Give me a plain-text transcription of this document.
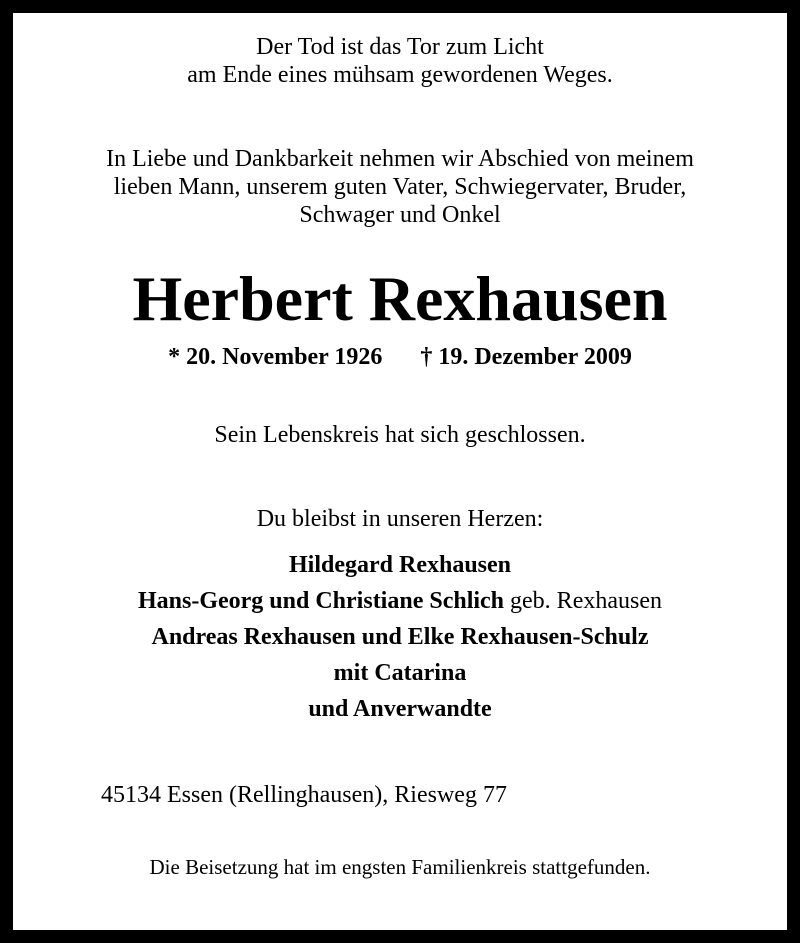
Der Tod ist das Tor zum Licht
am Ende eines mühsam gewordenen Weges.
In Liebe und Dankbarkeit nehmen wir Abschied von meinem
lieben Mann, unserem guten Vater, Schwiegervater, Bruder,
Schwager und Onkel
Herbert Rexhausen
* 20. November 1926 † 19. Dezember 2009
Sein Lebenskreis hat sich geschlossen.
Du bleibst in unseren Herzen:
Hildegard Rexhausen
Hans-Georg und Christiane Schlich geb. Rexhausen
Andreas Rexhausen und Elke Rexhausen-Schulz
mit Catarina
und Anverwandte
45134 Essen (Rellinghausen), Riesweg 77
Die Beisetzung hat im engsten Familienkreis stattgefunden.
